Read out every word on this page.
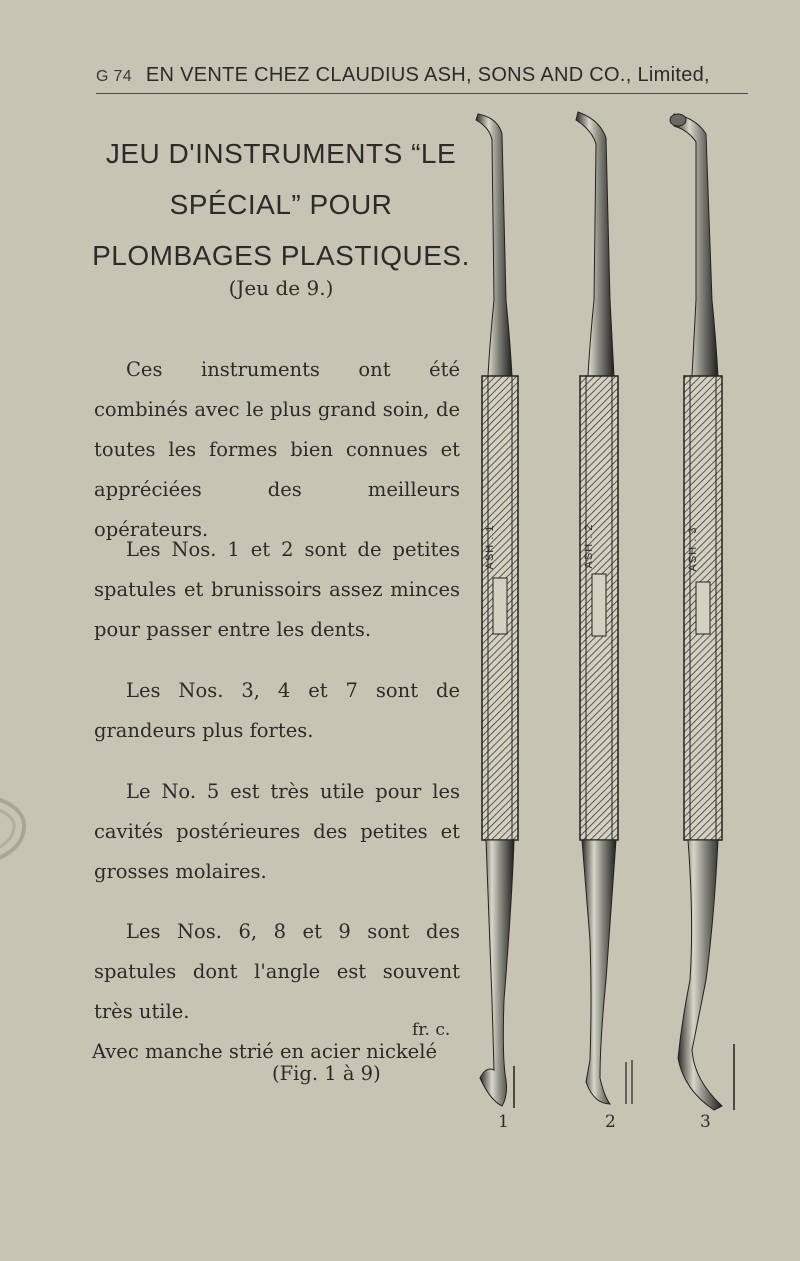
G 74 EN VENTE CHEZ CLAUDIUS ASH, SONS AND CO., Limited,
JEU D'INSTRUMENTS “LE
SPÉCIAL” POUR
PLOMBAGES PLASTIQUES.
(Jeu de 9.)

Ces instruments ont été combinés avec le plus grand soin, de toutes les formes bien connues et appréciées des meilleurs opérateurs.

Les Nos. 1 et 2 sont de petites spatules et brunissoirs assez minces pour passer entre les dents.

Les Nos. 3, 4 et 7 sont de grandeurs plus fortes.

Le No. 5 est très utile pour les cavités postérieures des petites et grosses molaires.

Les Nos. 6, 8 et 9 sont des spatules dont l'angle est souvent très utile.

fr. c.
Avec manche strié en acier nickelé
(Fig. 1 à 9)
ASH . 1	ASH . 2	ASH . 3
1	2	3
